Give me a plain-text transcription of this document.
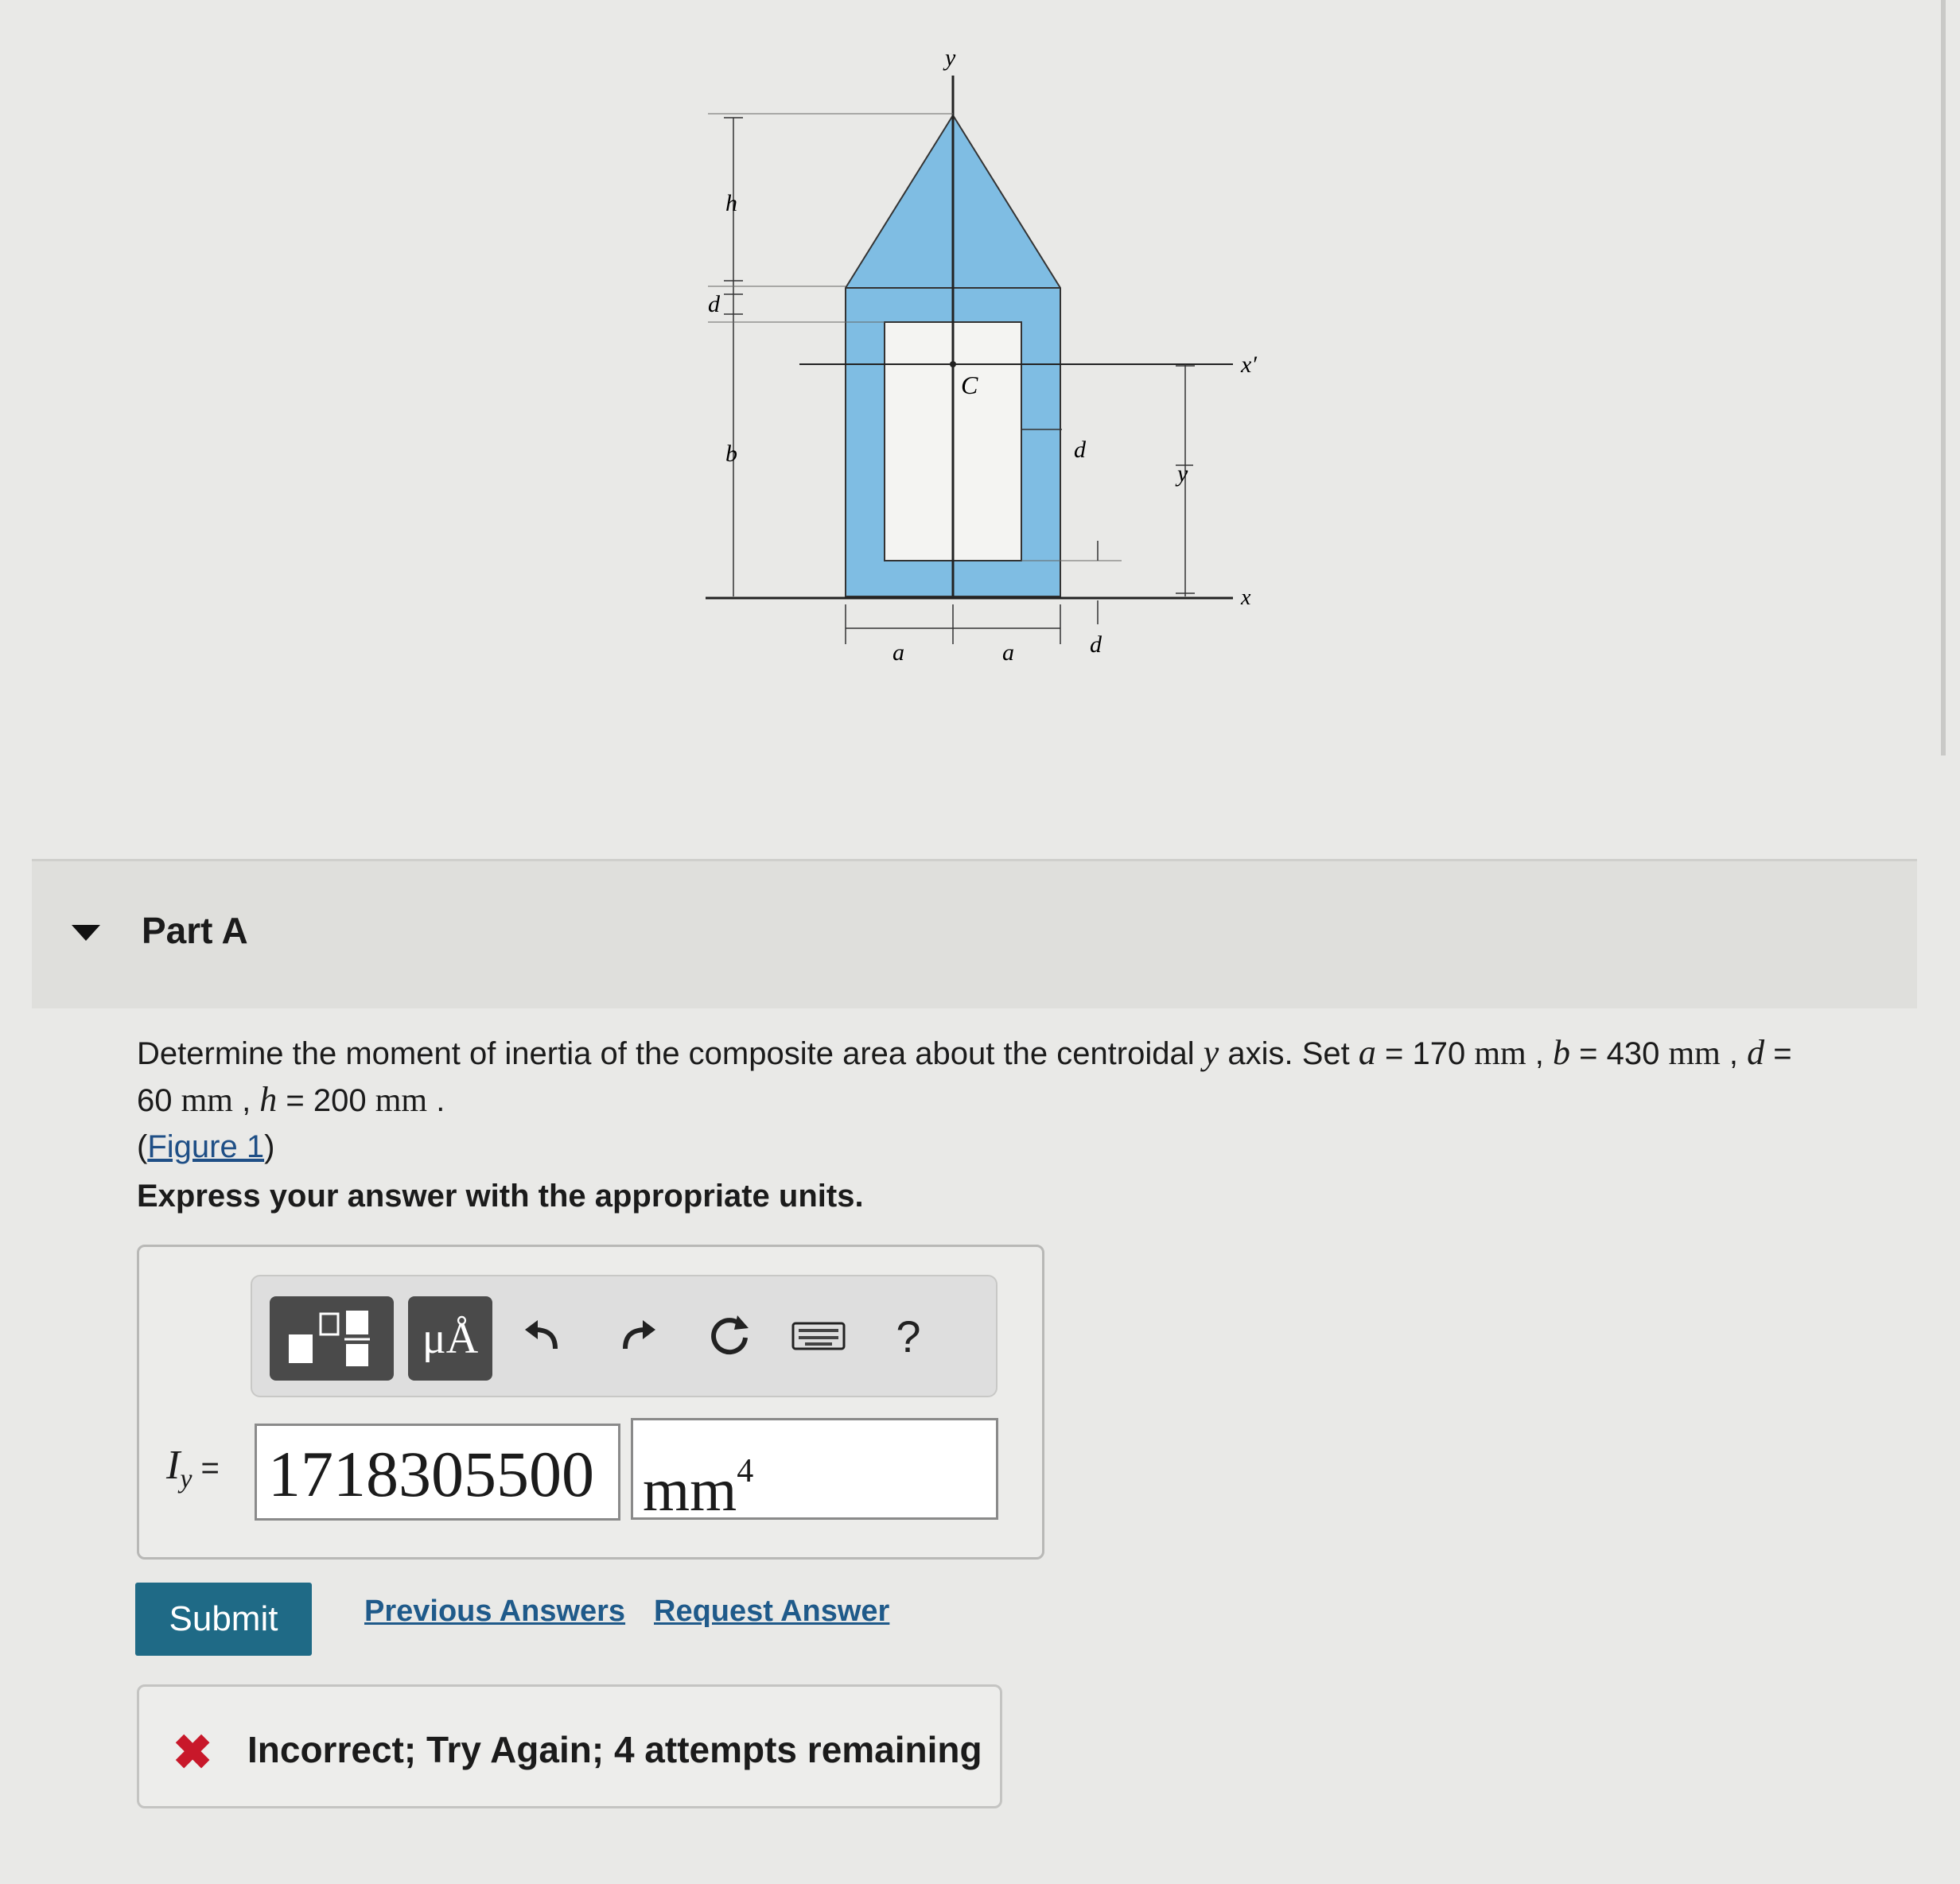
y
x′
x
C
h
d
b	d
y
a	a	d
Part A
Determine the moment of inertia of the composite area about the centroidal y axis. Set a = 170 mm , b = 430 mm , d =
60 mm , h = 200 mm .
(Figure 1)
Express your answer with the appropriate units.
μÅ	?
$I_y = 1718305500$ $mm^4$
Submit	Previous Answers Request Answer
✖ Incorrect; Try Again; 4 attempts remaining
